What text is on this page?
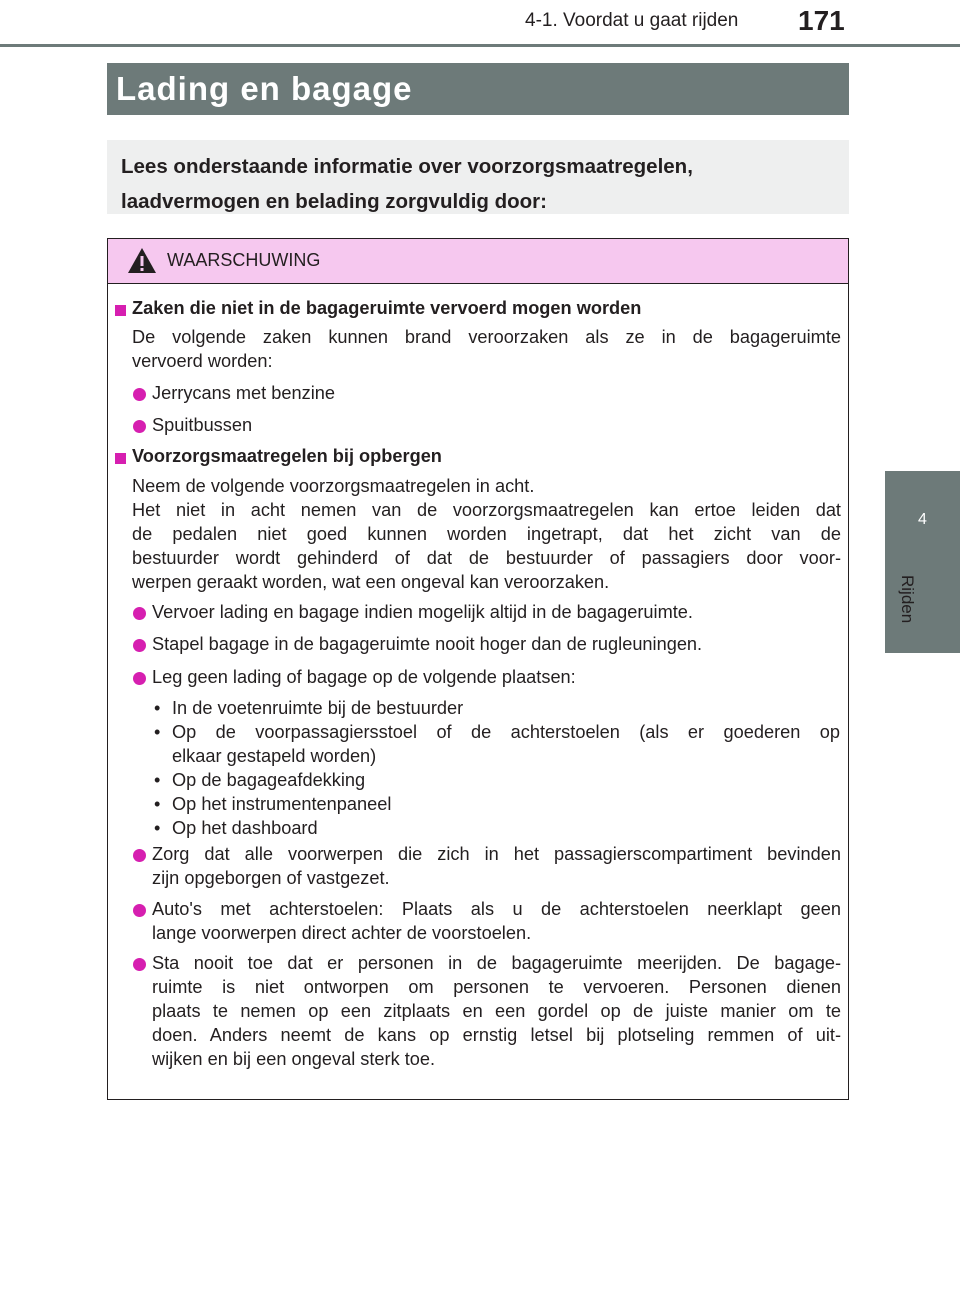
4-1. Voordat u gaat rijden 171
4
Rijden
Lading en bagage
Lees onderstaande informatie over voorzorgsmaatregelen,
laadvermogen en belading zorgvuldig door:
WAARSCHUWING
Zaken die niet in de bagageruimte vervoerd mogen worden
De volgende zaken kunnen brand veroorzaken als ze in de bagageruimte
vervoerd worden:
Jerrycans met benzine
Spuitbussen
Voorzorgsmaatregelen bij opbergen
Neem de volgende voorzorgsmaatregelen in acht.
Het niet in acht nemen van de voorzorgsmaatregelen kan ertoe leiden dat
de pedalen niet goed kunnen worden ingetrapt, dat het zicht van de
bestuurder wordt gehinderd of dat de bestuurder of passagiers door voor-
werpen geraakt worden, wat een ongeval kan veroorzaken.
Vervoer lading en bagage indien mogelijk altijd in de bagageruimte.
Stapel bagage in de bagageruimte nooit hoger dan de rugleuningen.
Leg geen lading of bagage op de volgende plaatsen:
• In de voetenruimte bij de bestuurder
• Op de voorpassagiersstoel of de achterstoelen (als er goederen op
elkaar gestapeld worden)
• Op de bagageafdekking
• Op het instrumentenpaneel
• Op het dashboard
Zorg dat alle voorwerpen die zich in het passagierscompartiment bevinden
zijn opgeborgen of vastgezet.
Auto's met achterstoelen: Plaats als u de achterstoelen neerklapt geen
lange voorwerpen direct achter de voorstoelen.
Sta nooit toe dat er personen in de bagageruimte meerijden. De bagage-
ruimte is niet ontworpen om personen te vervoeren. Personen dienen
plaats te nemen op een zitplaats en een gordel op de juiste manier om te
doen. Anders neemt de kans op ernstig letsel bij plotseling remmen of uit-
wijken en bij een ongeval sterk toe.
